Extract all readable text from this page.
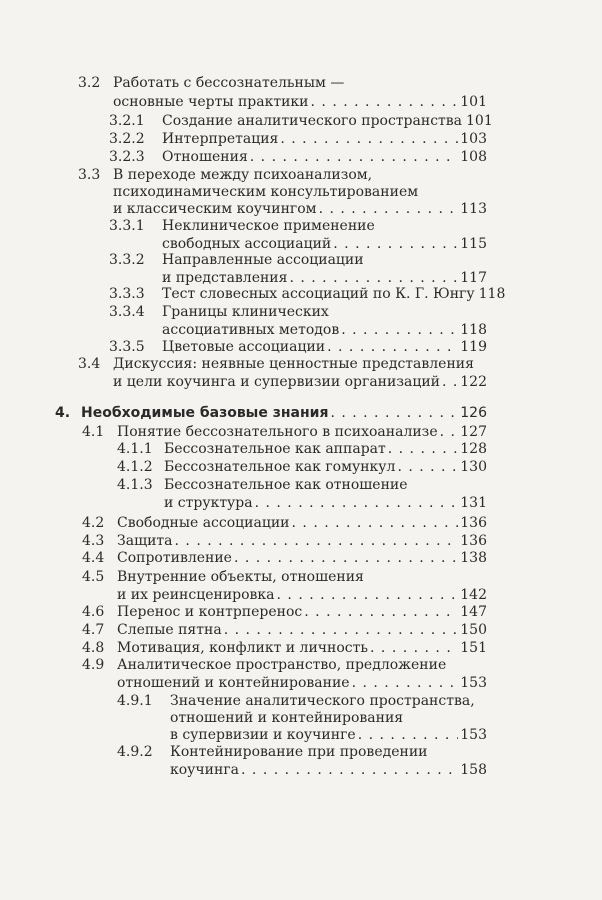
3.2 Работать с бессознательным —
основные черты практики . . .	101
3.2.1 Создание аналитического пространства 101
3.2.2 Интерпретация . . .	103
3.2.3 Отношения . . .	108
3.3 В переходе между психоанализом,
психодинамическим консультированием
и классическим коучингом . . .	113
3.3.1 Неклиническое применение
свободных ассоциаций . . .	115
3.3.2 Направленные ассоциации
и представления . . .	117
3.3.3 Тест словесных ассоциаций по К. Г. Юнгу 118
3.3.4 Границы клинических
ассоциативных методов . . .	118
3.3.5 Цветовые ассоциации . . .	119
3.4 Дискуссия: неявные ценностные представления
и цели коучинга и супервизии организаций . . . 122
4. Необходимые базовые знания . . .	126
4.1 Понятие бессознательного в психоанализе . . . 127
4.1.1 Бессознательное как аппарат . . .	128
4.1.2 Бессознательное как гомункул . . .	130
4.1.3 Бессознательное как отношение
и структура . . .	131
4.2 Свободные ассоциации . . .	136
4.3 Защита . . .	136
4.4 Сопротивление . . .	138
4.5 Внутренние объекты, отношения
и их реинсценировка . . .	142
4.6 Перенос и контрперенос . . .	147
4.7 Слепые пятна . . .	150
4.8 Мотивация, конфликт и личность . . .	151
4.9 Аналитическое пространство, предложение
отношений и контейнирование . . .	153
4.9.1 Значение аналитического пространства,
отношений и контейнирования
в супервизии и коучинге . . .	153
4.9.2 Контейнирование при проведении
коучинга . . .	158
